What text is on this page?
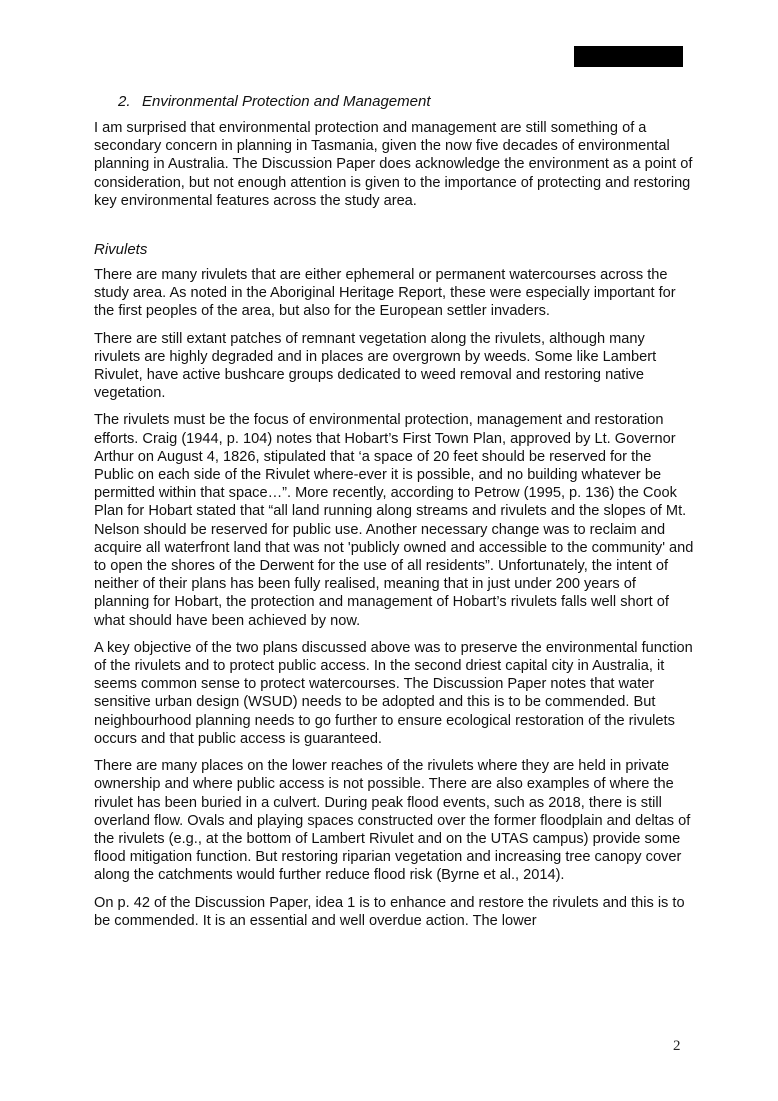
2. Environmental Protection and Management

I am surprised that environmental protection and management are still something of a secondary concern in planning in Tasmania, given the now five decades of environmental planning in Australia. The Discussion Paper does acknowledge the environment as a point of consideration, but not enough attention is given to the importance of protecting and restoring key environmental features across the study area.

Rivulets

There are many rivulets that are either ephemeral or permanent watercourses across the study area. As noted in the Aboriginal Heritage Report, these were especially important for the first peoples of the area, but also for the European settler invaders.

There are still extant patches of remnant vegetation along the rivulets, although many rivulets are highly degraded and in places are overgrown by weeds. Some like Lambert Rivulet, have active bushcare groups dedicated to weed removal and restoring native vegetation.

The rivulets must be the focus of environmental protection, management and restoration efforts. Craig (1944, p. 104) notes that Hobart’s First Town Plan, approved by Lt. Governor Arthur on August 4, 1826, stipulated that ‘a space of 20 feet should be reserved for the Public on each side of the Rivulet where-ever it is possible, and no building whatever be permitted within that space…”. More recently, according to Petrow (1995, p. 136) the Cook Plan for Hobart stated that “all land running along streams and rivulets and the slopes of Mt. Nelson should be reserved for public use. Another necessary change was to reclaim and acquire all waterfront land that was not 'publicly owned and accessible to the community' and to open the shores of the Derwent for the use of all residents”. Unfortunately, the intent of neither of their plans has been fully realised, meaning that in just under 200 years of planning for Hobart, the protection and management of Hobart’s rivulets falls well short of what should have been achieved by now.

A key objective of the two plans discussed above was to preserve the environmental function of the rivulets and to protect public access. In the second driest capital city in Australia, it seems common sense to protect watercourses. The Discussion Paper notes that water sensitive urban design (WSUD) needs to be adopted and this is to be commended. But neighbourhood planning needs to go further to ensure ecological restoration of the rivulets occurs and that public access is guaranteed.

There are many places on the lower reaches of the rivulets where they are held in private ownership and where public access is not possible. There are also examples of where the rivulet has been buried in a culvert. During peak flood events, such as 2018, there is still overland flow. Ovals and playing spaces constructed over the former floodplain and deltas of the rivulets (e.g., at the bottom of Lambert Rivulet and on the UTAS campus) provide some flood mitigation function. But restoring riparian vegetation and increasing tree canopy cover along the catchments would further reduce flood risk (Byrne et al., 2014).

On p. 42 of the Discussion Paper, idea 1 is to enhance and restore the rivulets and this is to be commended. It is an essential and well overdue action. The lower

2
